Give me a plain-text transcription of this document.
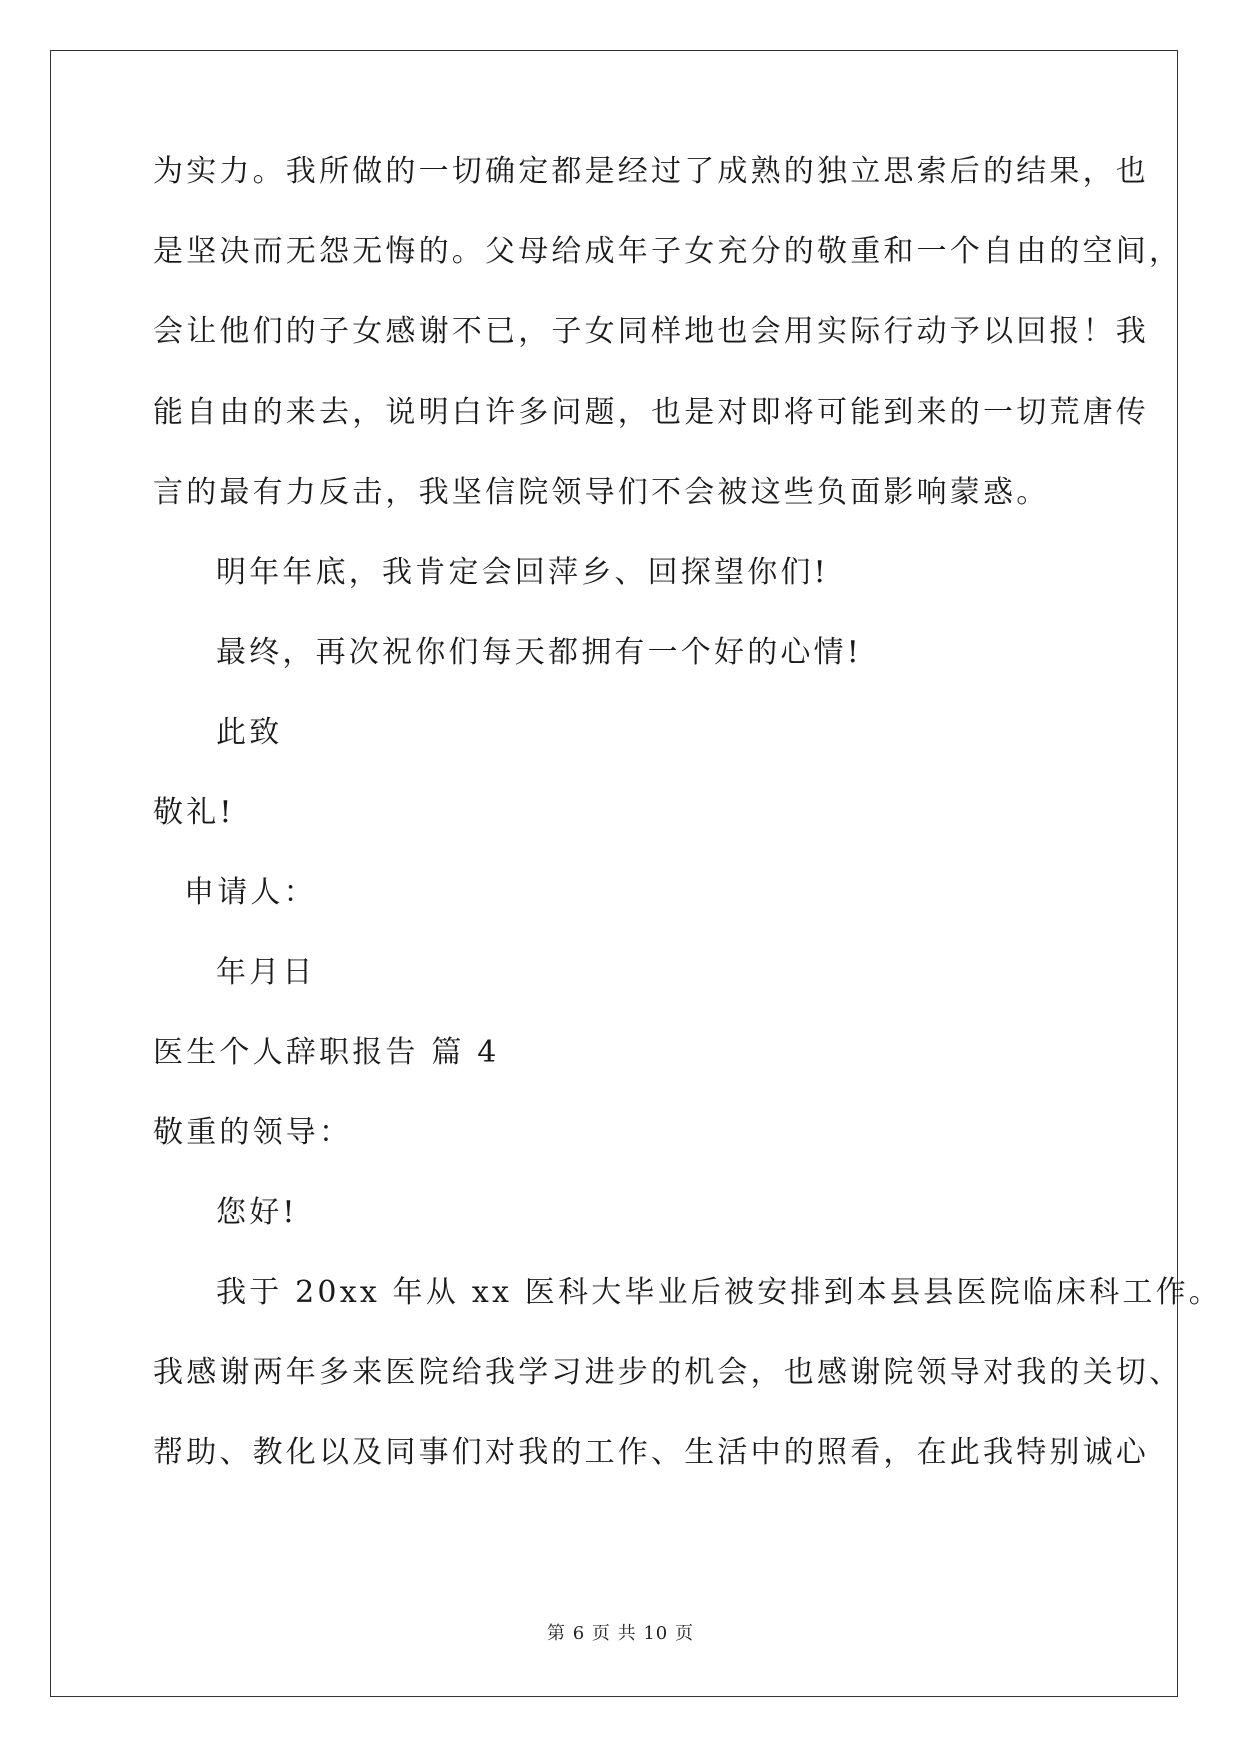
为实力。我所做的一切确定都是经过了成熟的独立思索后的结果，也
是坚决而无怨无悔的。父母给成年子女充分的敬重和一个自由的空间，
会让他们的子女感谢不已，子女同样地也会用实际行动予以回报！我
能自由的来去，说明白许多问题，也是对即将可能到来的一切荒唐传
言的最有力反击，我坚信院领导们不会被这些负面影响蒙惑。
明年年底，我肯定会回萍乡、回探望你们!
最终，再次祝你们每天都拥有一个好的心情!
此致
敬礼!
申请人：
年月日
医生个人辞职报告 篇 4
敬重的领导：
您好!
我于 20xx 年从 xx 医科大毕业后被安排到本县县医院临床科工作。
我感谢两年多来医院给我学习进步的机会，也感谢院领导对我的关切、
帮助、教化以及同事们对我的工作、生活中的照看，在此我特别诚心
第 6 页 共 10 页
